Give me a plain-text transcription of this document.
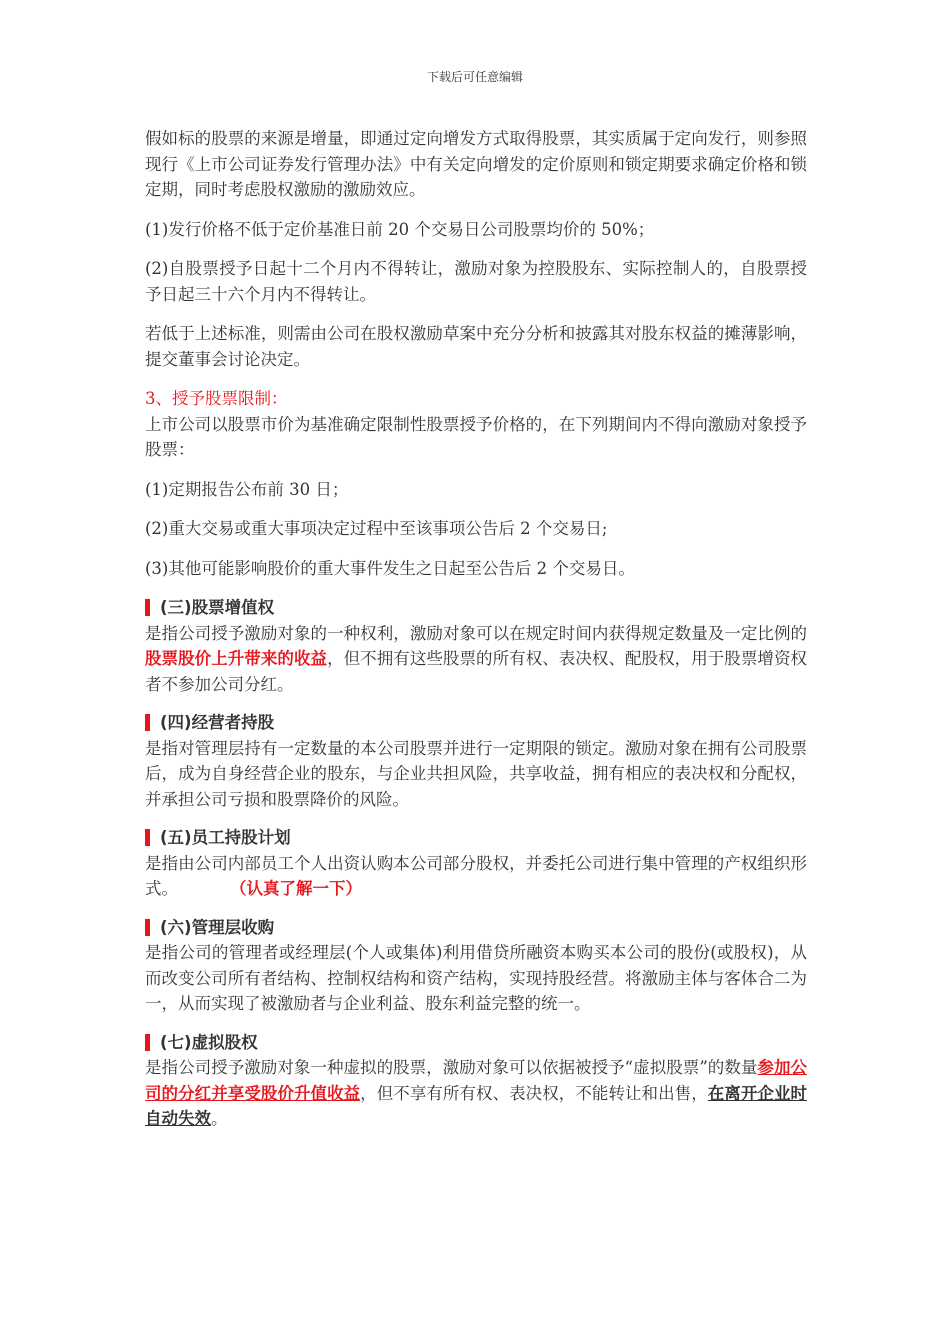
下载后可任意编辑

假如标的股票的来源是增量，即通过定向增发方式取得股票，其实质属于定向发行，则参照现行《上市公司证券发行管理办法》中有关定向增发的定价原则和锁定期要求确定价格和锁定期，同时考虑股权激励的激励效应。

(1)发行价格不低于定价基准日前 20 个交易日公司股票均价的 50%；

(2)自股票授予日起十二个月内不得转让，激励对象为控股股东、实际控制人的，自股票授予日起三十六个月内不得转让。

若低于上述标准，则需由公司在股权激励草案中充分分析和披露其对股东权益的摊薄影响，提交董事会讨论决定。

3、授予股票限制：

上市公司以股票市价为基准确定限制性股票授予价格的，在下列期间内不得向激励对象授予股票：

(1)定期报告公布前 30 日；

(2)重大交易或重大事项决定过程中至该事项公告后 2 个交易日;

(3)其他可能影响股价的重大事件发生之日起至公告后 2 个交易日。

(三)股票增值权

是指公司授予激励对象的一种权利，激励对象可以在规定时间内获得规定数量及一定比例的股票股价上升带来的收益，但不拥有这些股票的所有权、表决权、配股权，用于股票增资权者不参加公司分红。

(四)经营者持股

是指对管理层持有一定数量的本公司股票并进行一定期限的锁定。激励对象在拥有公司股票后，成为自身经营企业的股东，与企业共担风险，共享收益，拥有相应的表决权和分配权，并承担公司亏损和股票降价的风险。

(五)员工持股计划

是指由公司内部员工个人出资认购本公司部分股权，并委托公司进行集中管理的产权组织形式。	（认真了解一下）

(六)管理层收购

是指公司的管理者或经理层(个人或集体)利用借贷所融资本购买本公司的股份(或股权)，从而改变公司所有者结构、控制权结构和资产结构，实现持股经营。将激励主体与客体合二为一，从而实现了被激励者与企业利益、股东利益完整的统一。

(七)虚拟股权

是指公司授予激励对象一种虚拟的股票，激励对象可以依据被授予“虚拟股票”的数量参加公司的分红并享受股价升值收益，但不享有所有权、表决权，不能转让和出售，在离开企业时自动失效。
